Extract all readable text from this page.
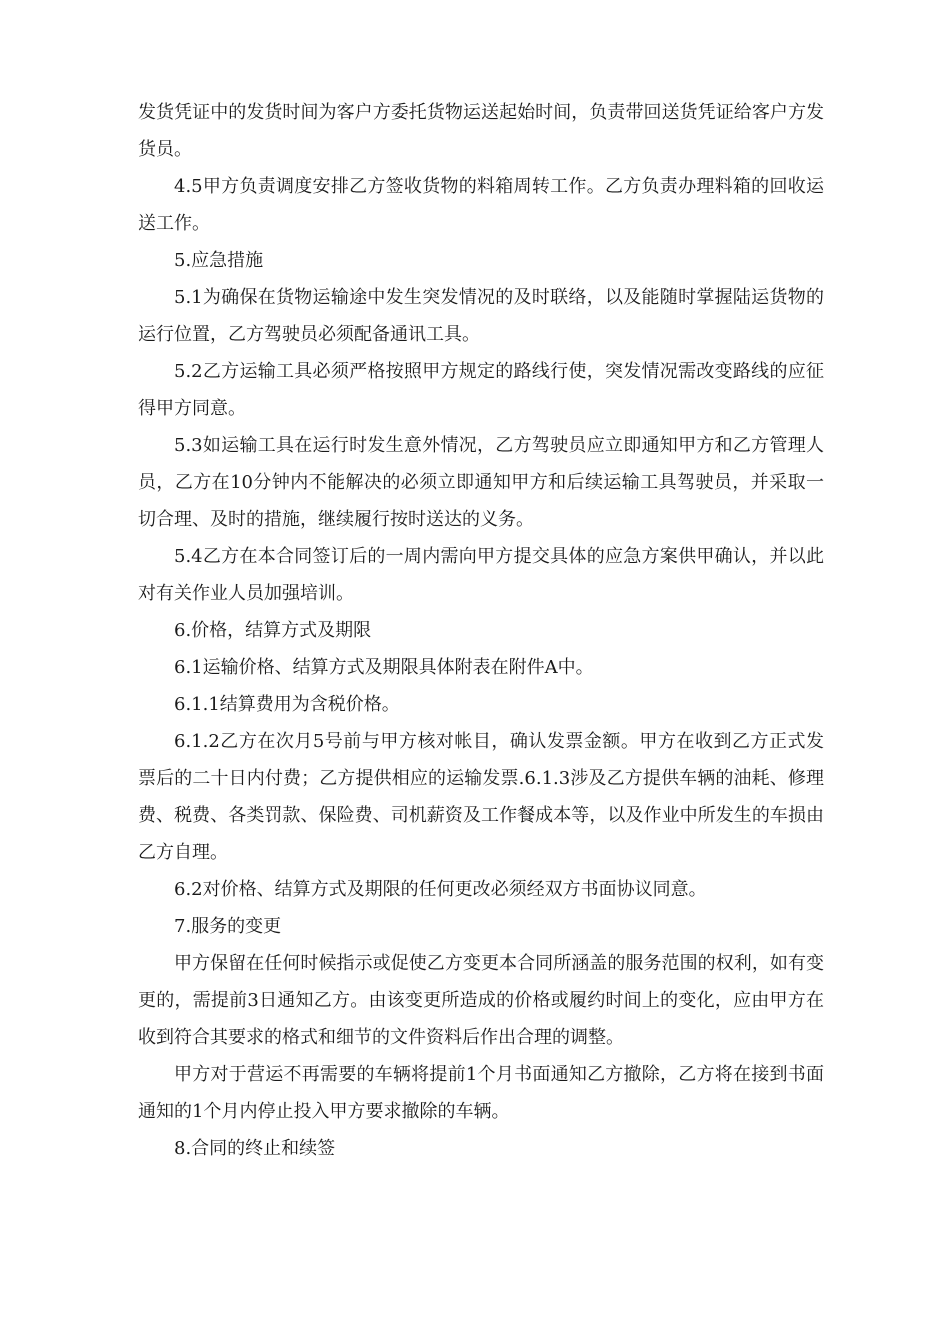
发货凭证中的发货时间为客户方委托货物运送起始时间，负责带回送货凭证给客户方发货员。

4.5甲方负责调度安排乙方签收货物的料箱周转工作。乙方负责办理料箱的回收运送工作。

5.应急措施

5.1为确保在货物运输途中发生突发情况的及时联络，以及能随时掌握陆运货物的运行位置，乙方驾驶员必须配备通讯工具。

5.2乙方运输工具必须严格按照甲方规定的路线行使，突发情况需改变路线的应征得甲方同意。

5.3如运输工具在运行时发生意外情况，乙方驾驶员应立即通知甲方和乙方管理人员，乙方在10分钟内不能解决的必须立即通知甲方和后续运输工具驾驶员，并采取一切合理、及时的措施，继续履行按时送达的义务。

5.4乙方在本合同签订后的一周内需向甲方提交具体的应急方案供甲确认，并以此对有关作业人员加强培训。

6.价格，结算方式及期限

6.1运输价格、结算方式及期限具体附表在附件A中。

6.1.1结算费用为含税价格。

6.1.2乙方在次月5号前与甲方核对帐目，确认发票金额。甲方在收到乙方正式发票后的二十日内付费；乙方提供相应的运输发票.6.1.3涉及乙方提供车辆的油耗、修理费、税费、各类罚款、保险费、司机薪资及工作餐成本等，以及作业中所发生的车损由乙方自理。

6.2对价格、结算方式及期限的任何更改必须经双方书面协议同意。

7.服务的变更

甲方保留在任何时候指示或促使乙方变更本合同所涵盖的服务范围的权利，如有变更的，需提前3日通知乙方。由该变更所造成的价格或履约时间上的变化，应由甲方在收到符合其要求的格式和细节的文件资料后作出合理的调整。

甲方对于营运不再需要的车辆将提前1个月书面通知乙方撤除，乙方将在接到书面通知的1个月内停止投入甲方要求撤除的车辆。

8.合同的终止和续签
